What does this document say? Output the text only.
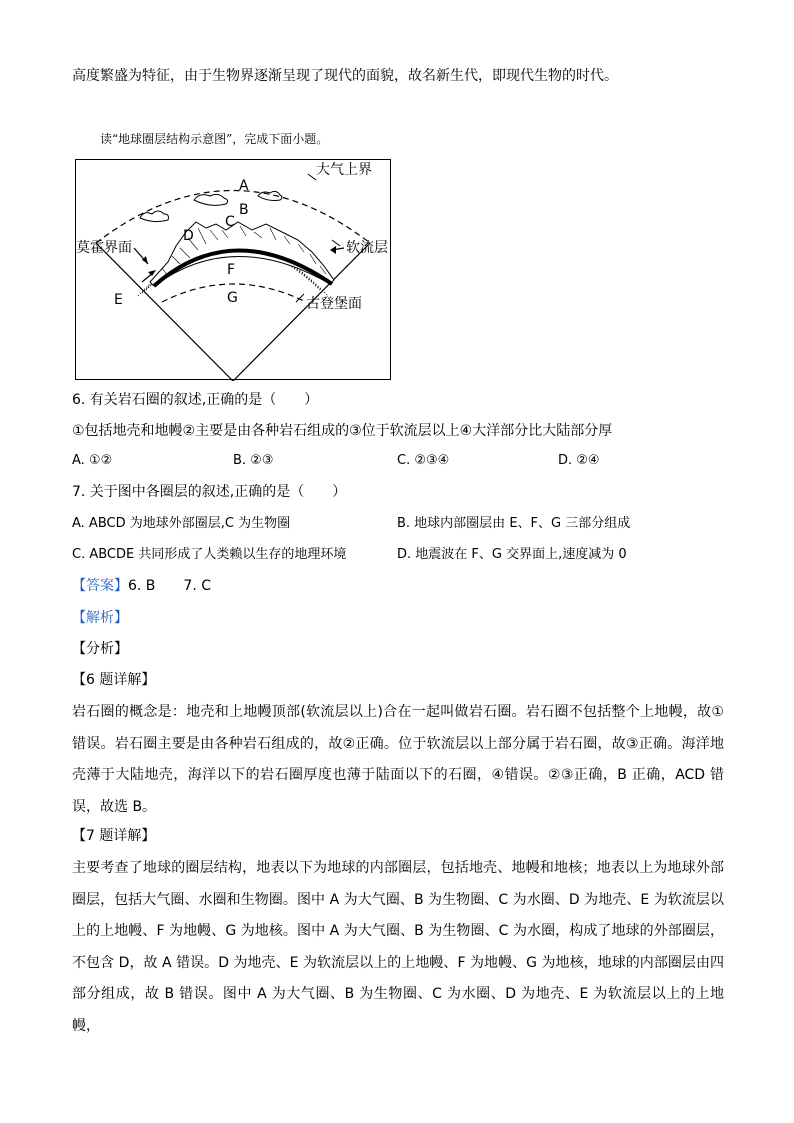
高度繁盛为特征，由于生物界逐渐呈现了现代的面貌，故名新生代，即现代生物的时代。
读“地球圈层结构示意图”，完成下面小题。
A
B
C
D
E
F
G
大气上界
莫霍界面	软流层
古登堡面
6. 有关岩石圈的叙述,正确的是（　　）
①包括地壳和地幔②主要是由各种岩石组成的③位于软流层以上④大洋部分比大陆部分厚
A. ①②	B. ②③	C. ②③④	D. ②④
7. 关于图中各圈层的叙述,正确的是（　　）
A. ABCD 为地球外部圈层,C 为生物圈	B. 地球内部圈层由 E、F、G 三部分组成
C. ABCDE 共同形成了人类赖以生存的地理环境	D. 地震波在 F、G 交界面上,速度减为 0
【答案】6. B　　7. C
【解析】
【分析】
【6 题详解】
岩石圈的概念是：地壳和上地幔顶部(软流层以上)合在一起叫做岩石圈。岩石圈不包括整个上地幔，故①错误。岩石圈主要是由各种岩石组成的，故②正确。位于软流层以上部分属于岩石圈，故③正确。海洋地壳薄于大陆地壳，海洋以下的岩石圈厚度也薄于陆面以下的石圈，④错误。②③正确，B 正确，ACD 错误，故选 B。
【7 题详解】
主要考查了地球的圈层结构，地表以下为地球的内部圈层，包括地壳、地幔和地核；地表以上为地球外部圈层，包括大气圈、水圈和生物圈。图中 A 为大气圈、B 为生物圈、C 为水圈、D 为地壳、E 为软流层以上的上地幔、F 为地幔、G 为地核。图中 A 为大气圈、B 为生物圈、C 为水圈，构成了地球的外部圈层，不包含 D，故 A 错误。D 为地壳、E 为软流层以上的上地幔、F 为地幔、G 为地核，地球的内部圈层由四部分组成，故 B 错误。图中 A 为大气圈、B 为生物圈、C 为水圈、D 为地壳、E 为软流层以上的上地幔，
